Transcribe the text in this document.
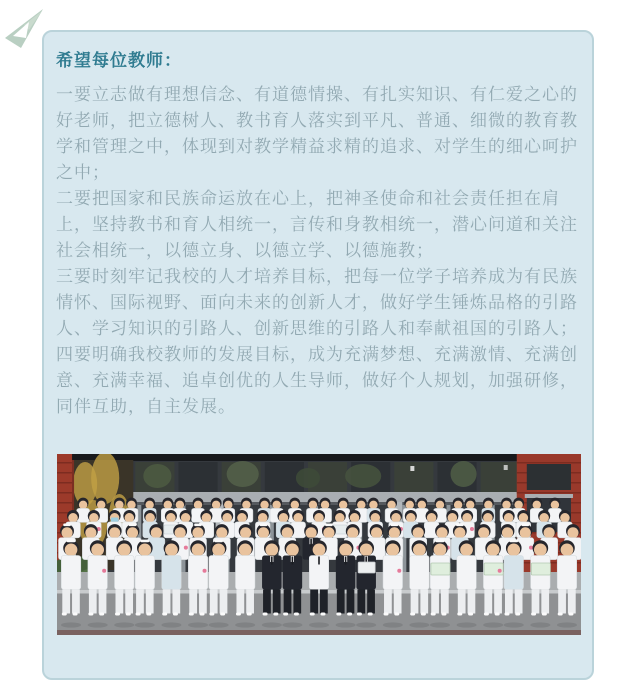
希望每位教师：

一要立志做有理想信念、有道德情操、有扎实知识、有仁爱之心的好老师，把立德树人、教书育人落实到平凡、普通、细微的教育教学和管理之中，体现到对教学精益求精的追求、对学生的细心呵护之中；

二要把国家和民族命运放在心上，把神圣使命和社会责任担在肩上，坚持教书和育人相统一，言传和身教相统一，潜心问道和关注社会相统一，以德立身、以德立学、以德施教；

三要时刻牢记我校的人才培养目标，把每一位学子培养成为有民族情怀、国际视野、面向未来的创新人才，做好学生锤炼品格的引路人、学习知识的引路人、创新思维的引路人和奉献祖国的引路人；

四要明确我校教师的发展目标，成为充满梦想、充满激情、充满创意、充满幸福、追卓创优的人生导师，做好个人规划，加强研修，同伴互助，自主发展。
